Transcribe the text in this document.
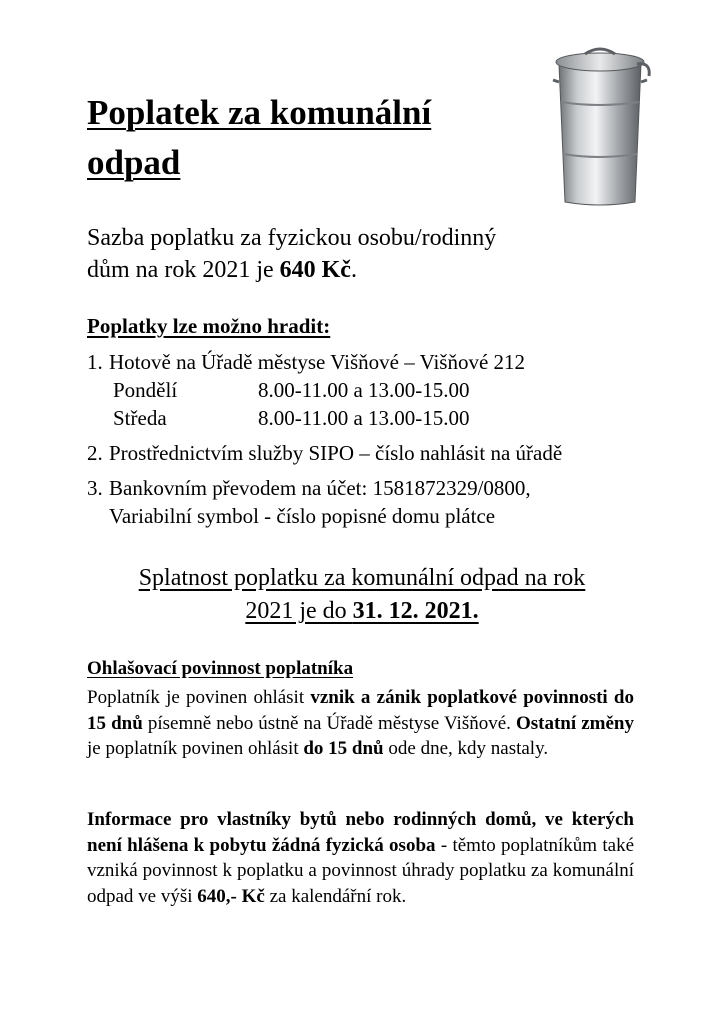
Poplatek za komunální
odpad
Sazba poplatku za fyzickou osobu/rodinný
dům na rok 2021 je 640 Kč.
Poplatky lze možno hradit:
1. Hotově na Úřadě městyse Višňové – Višňové 212
Pondělí	8.00-11.00 a 13.00-15.00
Středa	8.00-11.00 a 13.00-15.00
2. Prostřednictvím služby SIPO – číslo nahlásit na úřadě
3. Bankovním převodem na účet: 1581872329/0800,
Variabilní symbol - číslo popisné domu plátce
Splatnost poplatku za komunální odpad na rok
2021 je do 31. 12. 2021.
Ohlašovací povinnost poplatníka
Poplatník je povinen ohlásit vznik a zánik poplatkové povinnosti do 15 dnů písemně nebo ústně na Úřadě městyse Višňové. Ostatní změny je poplatník povinen ohlásit do 15 dnů ode dne, kdy nastaly.
Informace pro vlastníky bytů nebo rodinných domů, ve kterých není hlášena k pobytu žádná fyzická osoba - těmto poplatníkům také vzniká povinnost k poplatku a povinnost úhrady poplatku za komunální odpad ve výši 640,- Kč za kalendářní rok.
